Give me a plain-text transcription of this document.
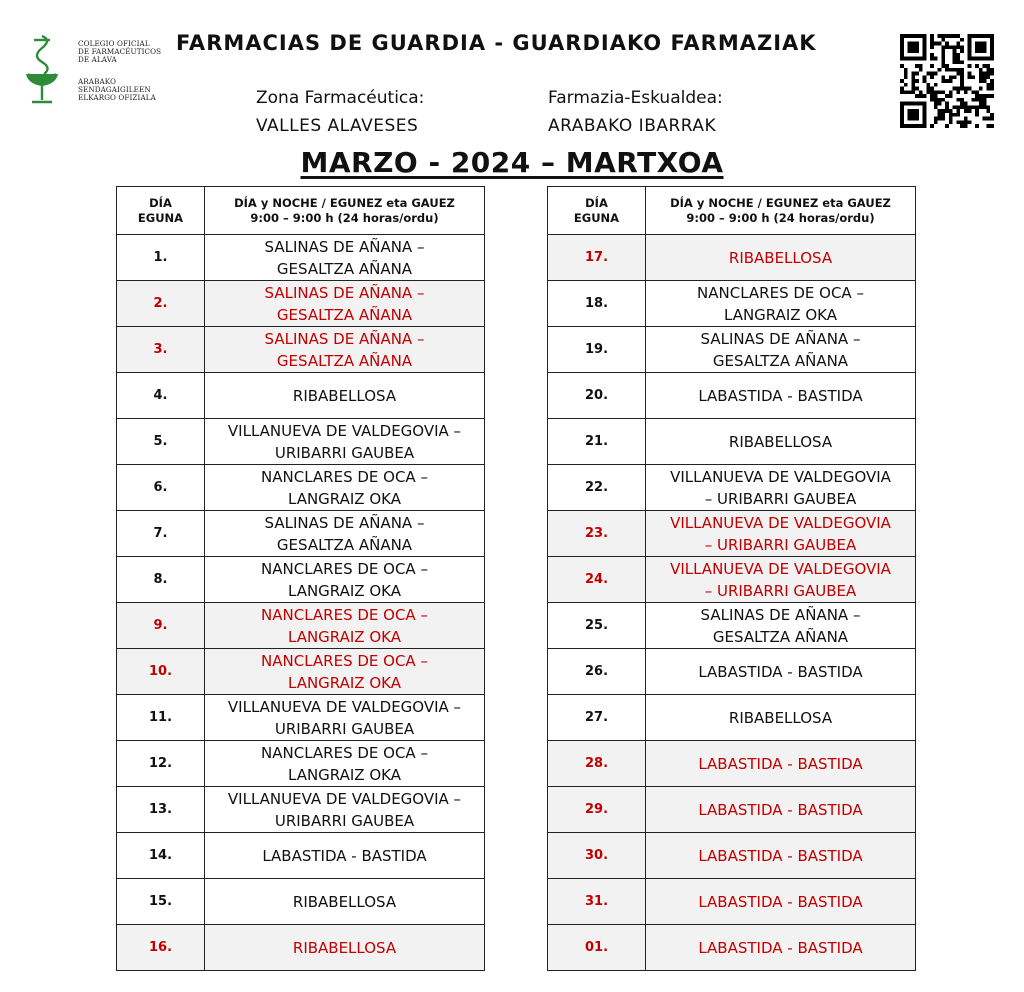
COLEGIO OFICIAL
DE FARMACÉUTICOS
DE ALAVA
ARABAKO
SENDAGAIGILEEN
ELKARGO OFIZIALA
FARMACIAS DE GUARDIA - GUARDIAKO FARMAZIAK
Zona Farmacéutica:	Farmazia-Eskualdea:
VALLES ALAVESES	ARABAKO IBARRAK
MARZO - 2024 – MARTXOA
DÍA
EGUNA	DÍA y NOCHE / EGUNEZ eta GAUEZ
9:00 – 9:00 h (24 horas/ordu)
1.	SALINAS DE AÑANA –
GESALTZA AÑANA

2.	SALINAS DE AÑANA –
GESALTZA AÑANA

3.	SALINAS DE AÑANA –
GESALTZA AÑANA

4.	RIBABELLOSA

5.	VILLANUEVA DE VALDEGOVIA –
URIBARRI GAUBEA

6.	NANCLARES DE OCA –
LANGRAIZ OKA

7.	SALINAS DE AÑANA –
GESALTZA AÑANA

8.	NANCLARES DE OCA –
LANGRAIZ OKA

9.	NANCLARES DE OCA –
LANGRAIZ OKA

10.	NANCLARES DE OCA –
LANGRAIZ OKA

11.	VILLANUEVA DE VALDEGOVIA –
URIBARRI GAUBEA

12.	NANCLARES DE OCA –
LANGRAIZ OKA

13.	VILLANUEVA DE VALDEGOVIA –
URIBARRI GAUBEA

14.	LABASTIDA - BASTIDA

15.	RIBABELLOSA

16.	RIBABELLOSA
DÍA
EGUNA	DÍA y NOCHE / EGUNEZ eta GAUEZ
9:00 – 9:00 h (24 horas/ordu)
17.	RIBABELLOSA

18.	NANCLARES DE OCA –
LANGRAIZ OKA

19.	SALINAS DE AÑANA –
GESALTZA AÑANA

20.	LABASTIDA - BASTIDA

21.	RIBABELLOSA

22.	VILLANUEVA DE VALDEGOVIA
– URIBARRI GAUBEA

23.	VILLANUEVA DE VALDEGOVIA
– URIBARRI GAUBEA

24.	VILLANUEVA DE VALDEGOVIA
– URIBARRI GAUBEA

25.	SALINAS DE AÑANA –
GESALTZA AÑANA

26.	LABASTIDA - BASTIDA

27.	RIBABELLOSA

28.	LABASTIDA - BASTIDA

29.	LABASTIDA - BASTIDA

30.	LABASTIDA - BASTIDA

31.	LABASTIDA - BASTIDA

01.	LABASTIDA - BASTIDA
